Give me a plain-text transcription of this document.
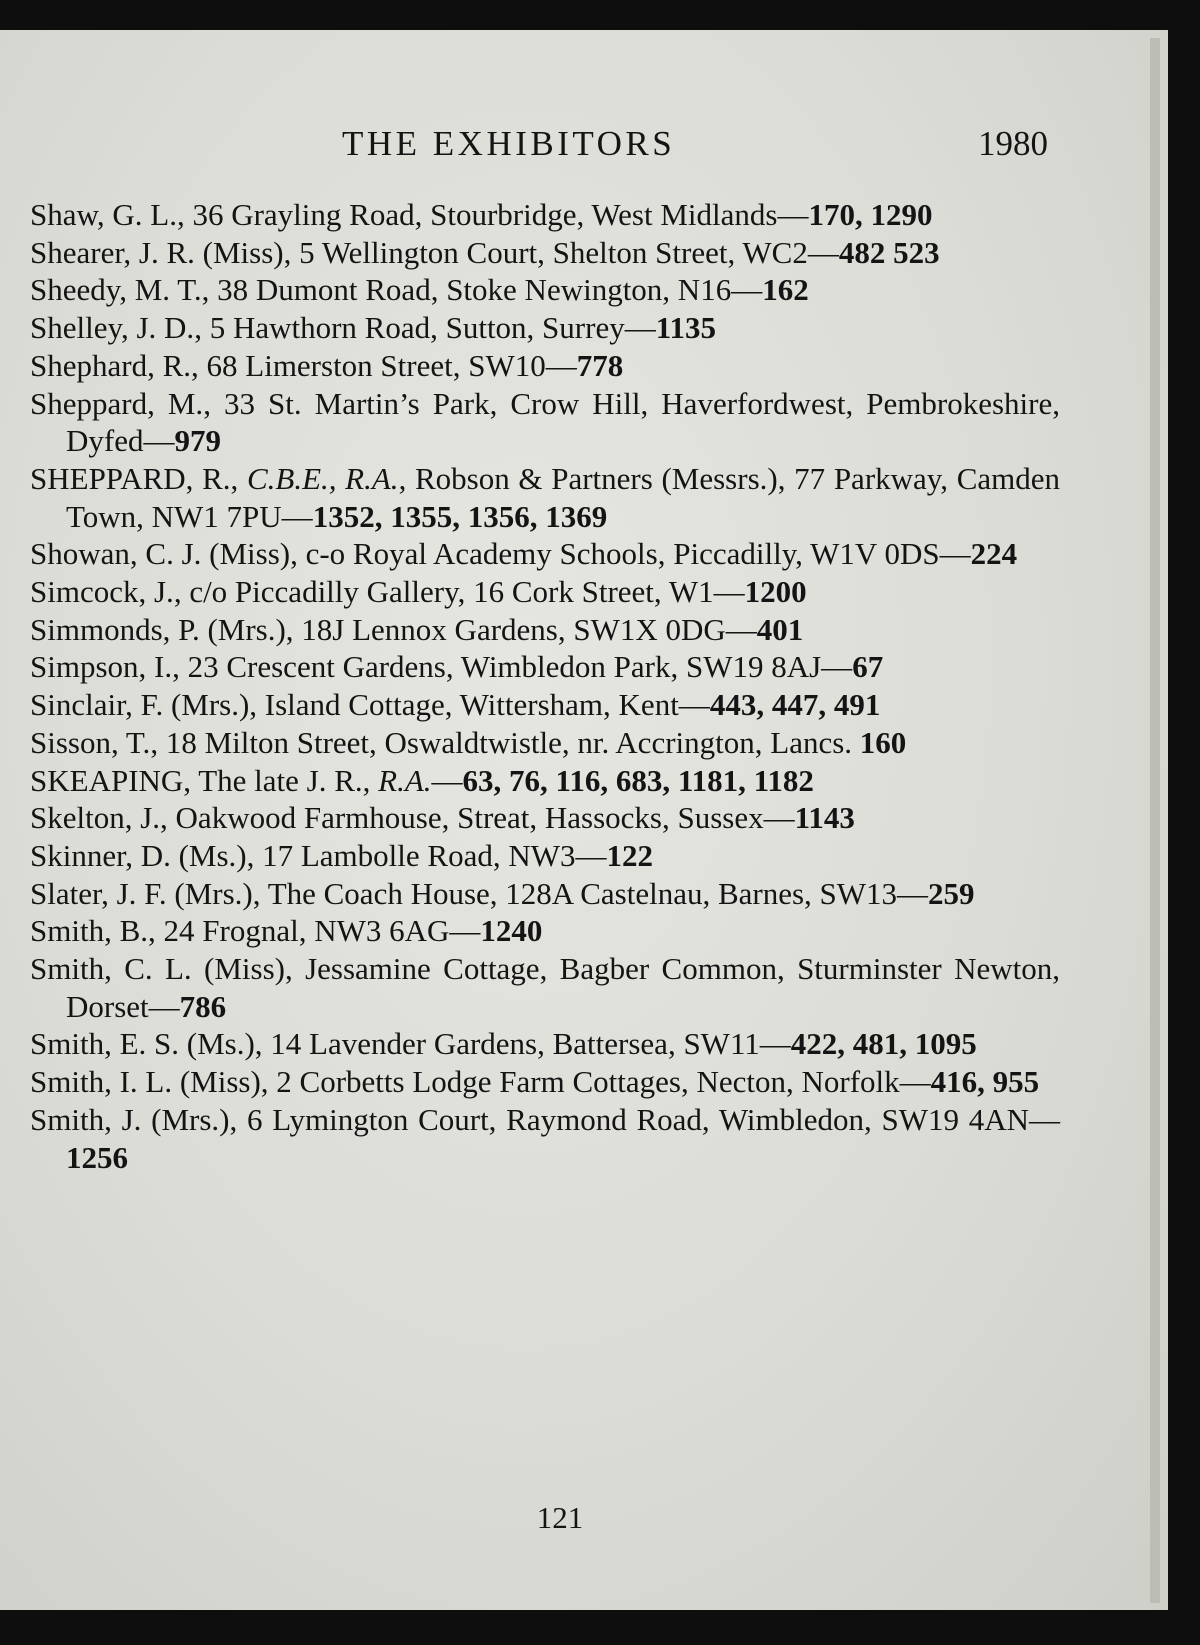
THE EXHIBITORS	1980
Shaw, G. L., 36 Grayling Road, Stourbridge, West Midlands—170, 1290
Shearer, J. R. (Miss), 5 Wellington Court, Shelton Street, WC2—482 523
Sheedy, M. T., 38 Dumont Road, Stoke Newington, N16—162
Shelley, J. D., 5 Hawthorn Road, Sutton, Surrey—1135
Shephard, R., 68 Limerston Street, SW10—778
Sheppard, M., 33 St. Martin’s Park, Crow Hill, Haverfordwest, Pembrokeshire, Dyfed—979
SHEPPARD, R., C.B.E., R.A., Robson & Partners (Messrs.), 77 Parkway, Camden Town, NW1 7PU—1352, 1355, 1356, 1369
Showan, C. J. (Miss), c-o Royal Academy Schools, Piccadilly, W1V 0DS—224
Simcock, J., c/o Piccadilly Gallery, 16 Cork Street, W1—1200
Simmonds, P. (Mrs.), 18J Lennox Gardens, SW1X 0DG—401
Simpson, I., 23 Crescent Gardens, Wimbledon Park, SW19 8AJ—67
Sinclair, F. (Mrs.), Island Cottage, Wittersham, Kent—443, 447, 491
Sisson, T., 18 Milton Street, Oswaldtwistle, nr. Accrington, Lancs. 160
SKEAPING, The late J. R., R.A.—63, 76, 116, 683, 1181, 1182
Skelton, J., Oakwood Farmhouse, Streat, Hassocks, Sussex—1143
Skinner, D. (Ms.), 17 Lambolle Road, NW3—122
Slater, J. F. (Mrs.), The Coach House, 128A Castelnau, Barnes, SW13—259
Smith, B., 24 Frognal, NW3 6AG—1240
Smith, C. L. (Miss), Jessamine Cottage, Bagber Common, Sturminster Newton, Dorset—786
Smith, E. S. (Ms.), 14 Lavender Gardens, Battersea, SW11—422, 481, 1095
Smith, I. L. (Miss), 2 Corbetts Lodge Farm Cottages, Necton, Norfolk—416, 955
Smith, J. (Mrs.), 6 Lymington Court, Raymond Road, Wimbledon, SW19 4AN—1256
121
